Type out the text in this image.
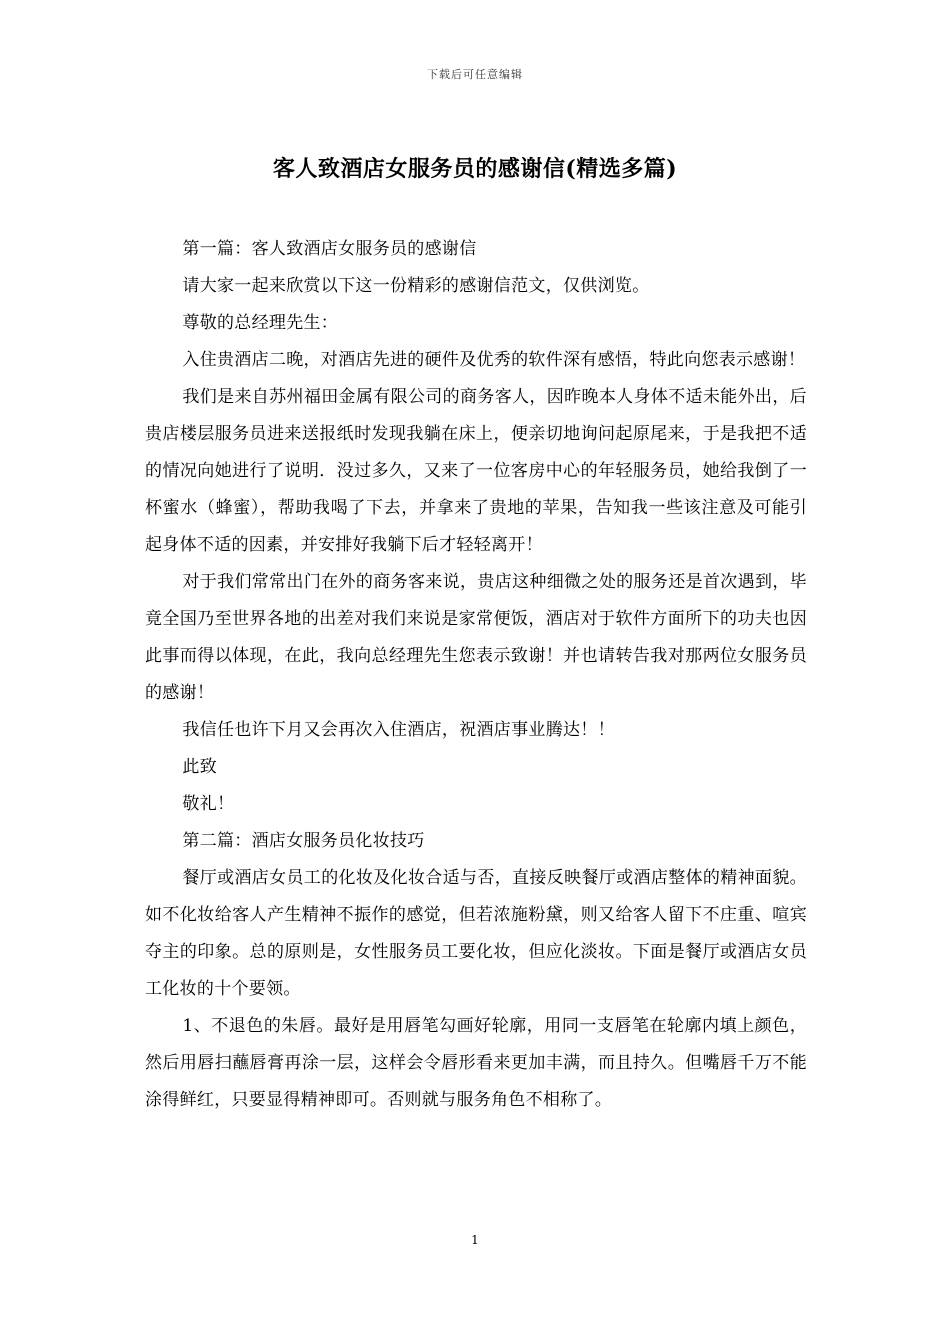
下载后可任意编辑
客人致酒店女服务员的感谢信(精选多篇)

第一篇：客人致酒店女服务员的感谢信

请大家一起来欣赏以下这一份精彩的感谢信范文，仅供浏览。

尊敬的总经理先生：

入住贵酒店二晚，对酒店先进的硬件及优秀的软件深有感悟，特此向您表示感谢！

我们是来自苏州福田金属有限公司的商务客人，因昨晚本人身体不适未能外出，后贵店楼层服务员进来送报纸时发现我躺在床上，便亲切地询问起原尾来，于是我把不适的情况向她进行了说明．没过多久，又来了一位客房中心的年轻服务员，她给我倒了一杯蜜水（蜂蜜），帮助我喝了下去，并拿来了贵地的苹果，告知我一些该注意及可能引起身体不适的因素，并安排好我躺下后才轻轻离开！

对于我们常常出门在外的商务客来说，贵店这种细微之处的服务还是首次遇到，毕竟全国乃至世界各地的出差对我们来说是家常便饭，酒店对于软件方面所下的功夫也因此事而得以体现，在此，我向总经理先生您表示致谢！并也请转告我对那两位女服务员的感谢！

我信任也许下月又会再次入住酒店，祝酒店事业腾达！！

此致

敬礼！

第二篇：酒店女服务员化妆技巧

餐厅或酒店女员工的化妆及化妆合适与否，直接反映餐厅或酒店整体的精神面貌。如不化妆给客人产生精神不振作的感觉，但若浓施粉黛，则又给客人留下不庄重、喧宾夺主的印象。总的原则是，女性服务员工要化妆，但应化淡妆。下面是餐厅或酒店女员工化妆的十个要领。

1、不退色的朱唇。最好是用唇笔勾画好轮廓，用同一支唇笔在轮廓内填上颜色，然后用唇扫蘸唇膏再涂一层，这样会令唇形看来更加丰满，而且持久。但嘴唇千万不能涂得鲜红，只要显得精神即可。否则就与服务角色不相称了。

1
